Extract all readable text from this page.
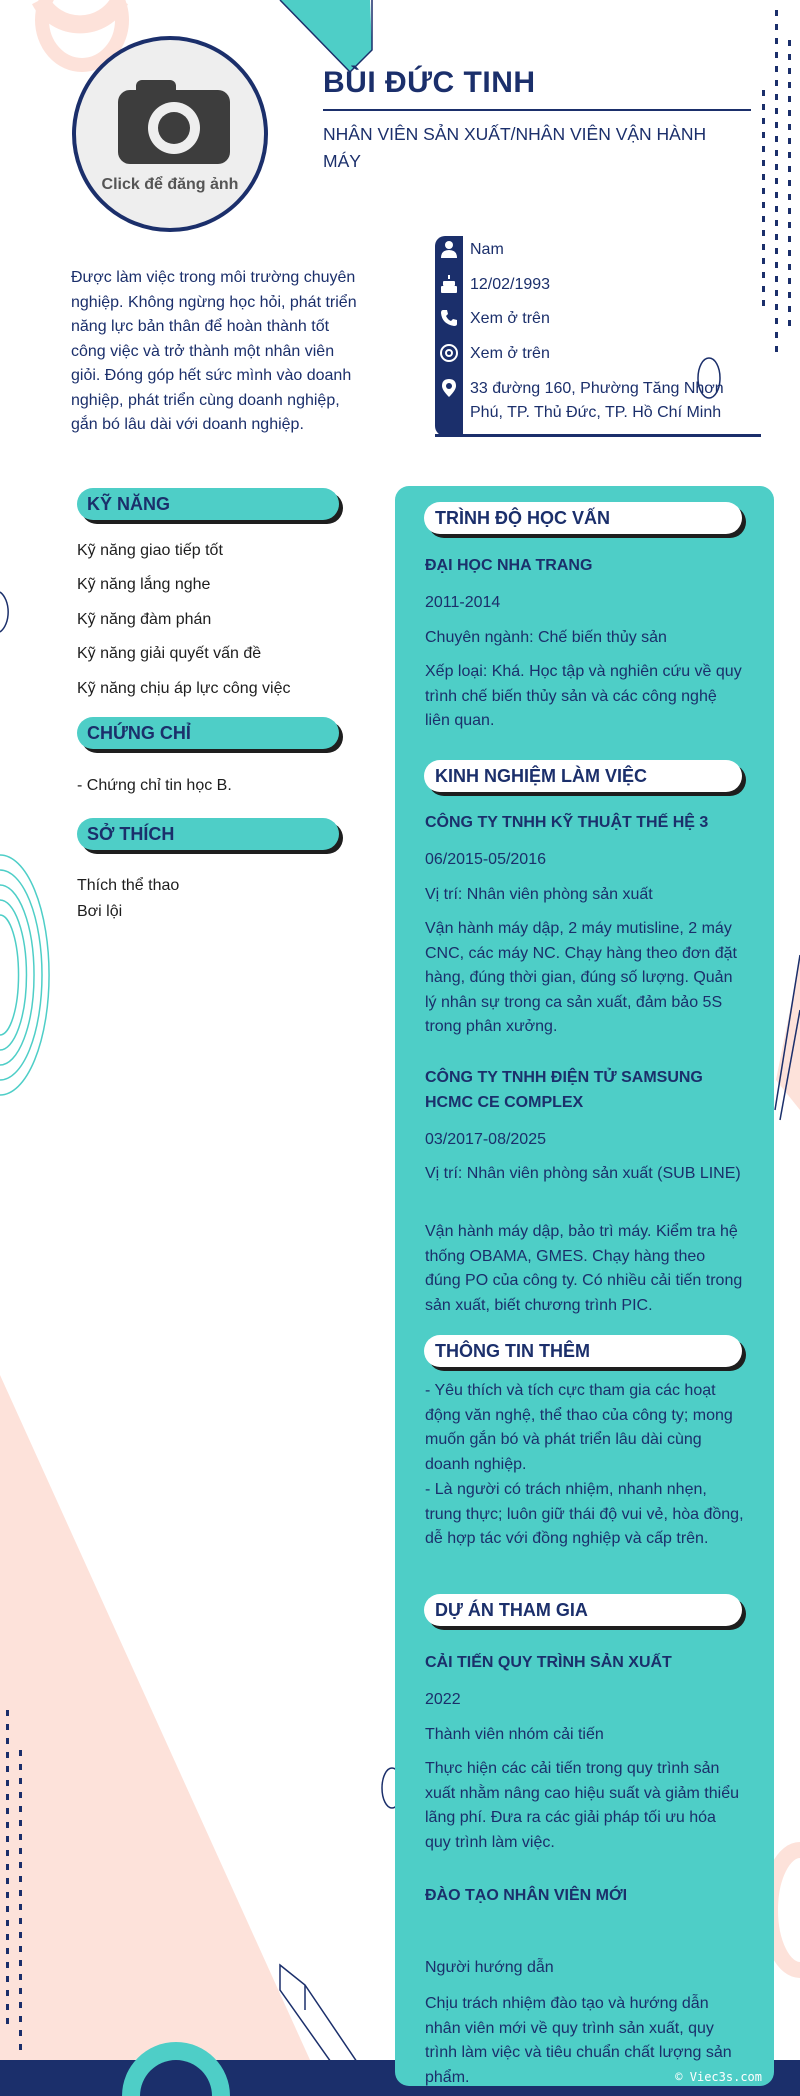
Click để đăng ảnh
BÙI ĐỨC TINH
NHÂN VIÊN SẢN XUẤT/NHÂN VIÊN VẬN HÀNH MÁY
Nam
12/02/1993
Xem ở trên
Xem ở trên
33 đường 160, Phường Tăng Nhơn Phú, TP. Thủ Đức, TP. Hồ Chí Minh
Được làm việc trong môi trường chuyên nghiệp. Không ngừng học hỏi, phát triển năng lực bản thân để hoàn thành tốt công việc và trở thành một nhân viên giỏi. Đóng góp hết sức mình vào doanh nghiệp, phát triển cùng doanh nghiệp, gắn bó lâu dài với doanh nghiệp.
KỸ NĂNG
Kỹ năng giao tiếp tốt
Kỹ năng lắng nghe
Kỹ năng đàm phán
Kỹ năng giải quyết vấn đề
Kỹ năng chịu áp lực công việc
CHỨNG CHỈ
- Chứng chỉ tin học B.
SỞ THÍCH
Thích thể thao
Bơi lội
TRÌNH ĐỘ HỌC VẤN
ĐẠI HỌC NHA TRANG
2011-2014
Chuyên ngành: Chế biến thủy sản
Xếp loại: Khá. Học tập và nghiên cứu về quy trình chế biến thủy sản và các công nghệ liên quan.
KINH NGHIỆM LÀM VIỆC
CÔNG TY TNHH KỸ THUẬT THẾ HỆ 3
06/2015-05/2016
Vị trí: Nhân viên phòng sản xuất
Vận hành máy dập, 2 máy mutisline, 2 máy CNC, các máy NC. Chạy hàng theo đơn đặt hàng, đúng thời gian, đúng số lượng. Quản lý nhân sự trong ca sản xuất, đảm bảo 5S trong phân xưởng.
CÔNG TY TNHH ĐIỆN TỬ SAMSUNG HCMC CE COMPLEX
03/2017-08/2025
Vị trí: Nhân viên phòng sản xuất (SUB LINE)
Vận hành máy dập, bảo trì máy. Kiểm tra hệ thống OBAMA, GMES. Chạy hàng theo đúng PO của công ty. Có nhiều cải tiến trong sản xuất, biết chương trình PIC.
THÔNG TIN THÊM
- Yêu thích và tích cực tham gia các hoạt động văn nghệ, thể thao của công ty; mong muốn gắn bó và phát triển lâu dài cùng doanh nghiệp.
- Là người có trách nhiệm, nhanh nhẹn, trung thực; luôn giữ thái độ vui vẻ, hòa đồng, dễ hợp tác với đồng nghiệp và cấp trên.
DỰ ÁN THAM GIA
CẢI TIẾN QUY TRÌNH SẢN XUẤT
2022
Thành viên nhóm cải tiến
Thực hiện các cải tiến trong quy trình sản xuất nhằm nâng cao hiệu suất và giảm thiểu lãng phí. Đưa ra các giải pháp tối ưu hóa quy trình làm việc.
ĐÀO TẠO NHÂN VIÊN MỚI
Người hướng dẫn
Chịu trách nhiệm đào tạo và hướng dẫn nhân viên mới về quy trình sản xuất, quy trình làm việc và tiêu chuẩn chất lượng sản phẩm.	© Viec3s.com
